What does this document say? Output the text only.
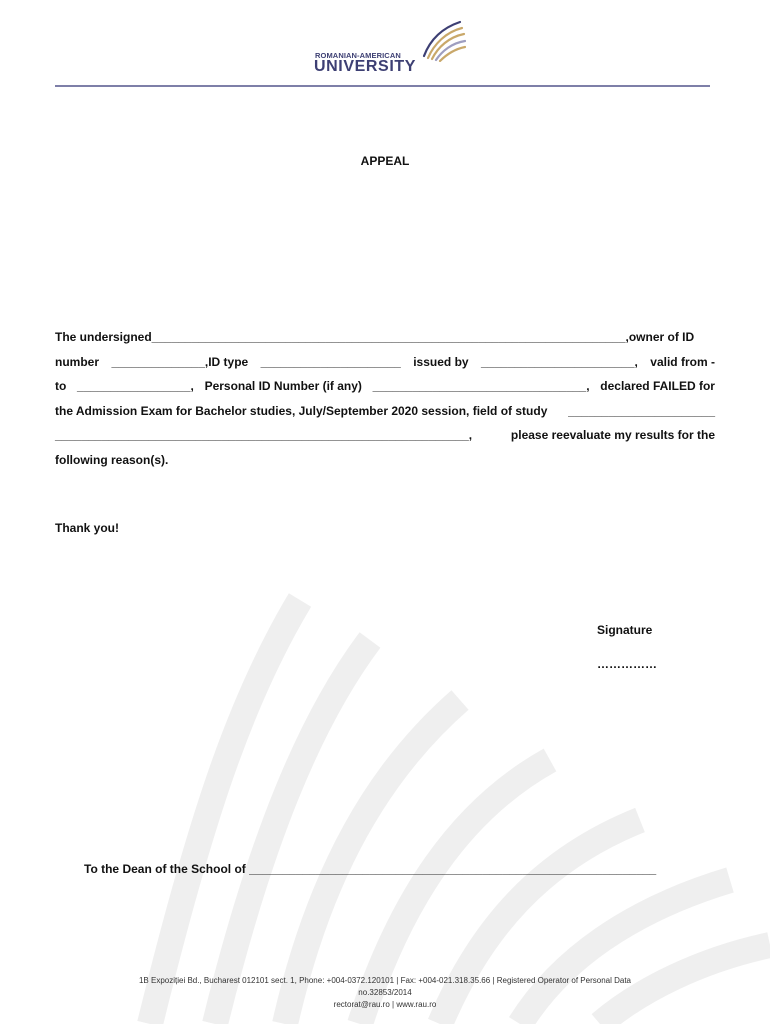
ROMANIAN-AMERICAN
UNIVERSITY
APPEAL
The undersigned_______________________________________________________________________,owner of ID
number ______________,ID type _____________________ issued by _______________________, valid from -
to _________________, Personal ID Number (if any) ________________________________, declared FAILED for
the Admission Exam for Bachelor studies, July/September 2020 session, field of study ______________________
______________________________________________________________,	please reevaluate my results for the
following reason(s).
Thank you!
Signature
……………
To the Dean of the School of _____________________________________________________________
1B Expoziției Bd., Bucharest 012101 sect. 1, Phone: +004-0372.120101 | Fax: +004-021.318.35.66 | Registered Operator of Personal Data
no.32853/2014
rectorat@rau.ro | www.rau.ro
